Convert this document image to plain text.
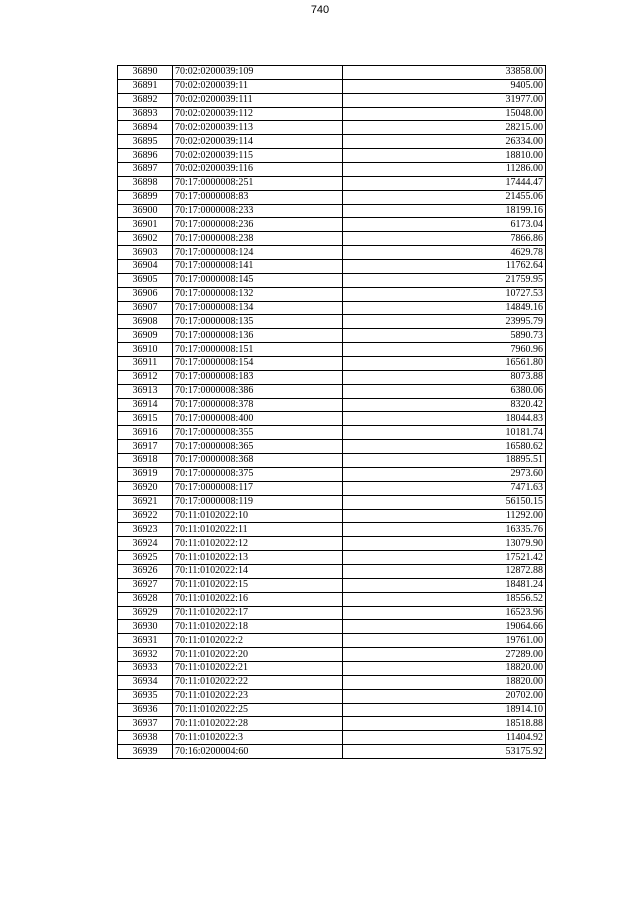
740
36890	70:02:0200039:109	33858.00
36891	70:02:0200039:11	9405.00
36892	70:02:0200039:111	31977.00
36893	70:02:0200039:112	15048.00
36894	70:02:0200039:113	28215.00
36895	70:02:0200039:114	26334.00
36896	70:02:0200039:115	18810.00
36897	70:02:0200039:116	11286.00
36898	70:17:0000008:251	17444.47
36899	70:17:0000008:83	21455.06
36900	70:17:0000008:233	18199.16
36901	70:17:0000008:236	6173.04
36902	70:17:0000008:238	7866.86
36903	70:17:0000008:124	4629.78
36904	70:17:0000008:141	11762.64
36905	70:17:0000008:145	21759.95
36906	70:17:0000008:132	10727.53
36907	70:17:0000008:134	14849.16
36908	70:17:0000008:135	23995.79
36909	70:17:0000008:136	5890.73
36910	70:17:0000008:151	7960.96
36911	70:17:0000008:154	16561.80
36912	70:17:0000008:183	8073.88
36913	70:17:0000008:386	6380.06
36914	70:17:0000008:378	8320.42
36915	70:17:0000008:400	18044.83
36916	70:17:0000008:355	10181.74
36917	70:17:0000008:365	16580.62
36918	70:17:0000008:368	18895.51
36919	70:17:0000008:375	2973.60
36920	70:17:0000008:117	7471.63
36921	70:17:0000008:119	56150.15
36922	70:11:0102022:10	11292.00
36923	70:11:0102022:11	16335.76
36924	70:11:0102022:12	13079.90
36925	70:11:0102022:13	17521.42
36926	70:11:0102022:14	12872.88
36927	70:11:0102022:15	18481.24
36928	70:11:0102022:16	18556.52
36929	70:11:0102022:17	16523.96
36930	70:11:0102022:18	19064.66
36931	70:11:0102022:2	19761.00
36932	70:11:0102022:20	27289.00
36933	70:11:0102022:21	18820.00
36934	70:11:0102022:22	18820.00
36935	70:11:0102022:23	20702.00
36936	70:11:0102022:25	18914.10
36937	70:11:0102022:28	18518.88
36938	70:11:0102022:3	11404.92
36939	70:16:0200004:60	53175.92
